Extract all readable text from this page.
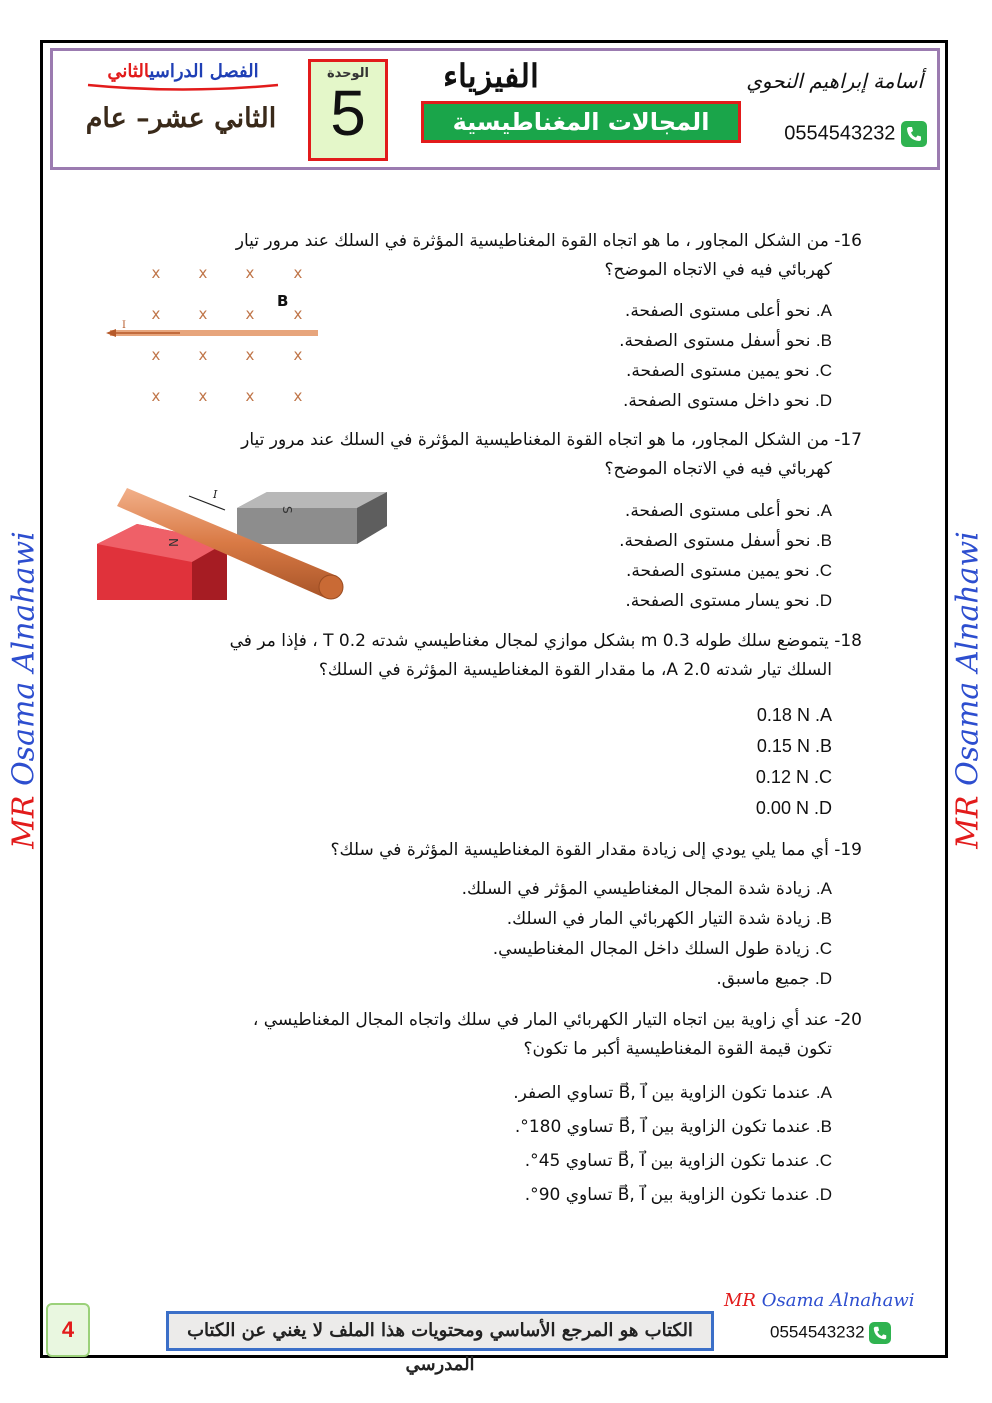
أسامة إبراهيم النحوي
0554543232
الفيزياء
المجالات المغناطيسية
الوحدة
5
الفصل الدراسيالثاني
الثاني عشر– عام
MR Osama Alnahawi
MR Osama Alnahawi
16- من الشكل المجاور ، ما هو اتجاه القوة المغناطيسية المؤثرة في السلك عند مرور تيار
كهربائي فيه في الاتجاه الموضح؟
A. نحو أعلى مستوى الصفحة.
B. نحو أسفل مستوى الصفحة.
C. نحو يمين مستوى الصفحة.
D. نحو داخل مستوى الصفحة.
x	x	x	x
x	x	x	x
x	x	x	x
x	x	x	x
I
B
17- من الشكل المجاور، ما هو اتجاه القوة المغناطيسية المؤثرة في السلك عند مرور تيار
كهربائي فيه في الاتجاه الموضح؟
A. نحو أعلى مستوى الصفحة.
B. نحو أسفل مستوى الصفحة.
C. نحو يمين مستوى الصفحة.
D. نحو يسار مستوى الصفحة.
S
N
I
18- يتموضع سلك طوله 0.3 m بشكل موازي لمجال مغناطيسي شدته 0.2 T ، فإذا مر في
السلك تيار شدته 2.0 A، ما مقدار القوة المغناطيسية المؤثرة في السلك؟
A. 0.18 N
B. 0.15 N
C. 0.12 N
D. 0.00 N
19- أي مما يلي يودي إلى زيادة مقدار القوة المغناطيسية المؤثرة في سلك؟
A. زيادة شدة المجال المغناطيسي المؤثر في السلك.
B. زيادة شدة التيار الكهربائي المار في السلك.
C. زيادة طول السلك داخل المجال المغناطيسي.
D. جميع ماسبق.
20- عند أي زاوية بين اتجاه التيار الكهربائي المار في سلك واتجاه المجال المغناطيسي ،
تكون قيمة القوة المغناطيسية أكبر ما تكون؟
A. عندما تكون الزاوية بين B⃗, I⃗ تساوي الصفر.
B. عندما تكون الزاوية بين B⃗, I⃗ تساوي 180°.
C. عندما تكون الزاوية بين B⃗, I⃗ تساوي 45°.
D. عندما تكون الزاوية بين B⃗, I⃗ تساوي 90°.
4	الكتاب هو المرجع الأساسي ومحتويات هذا الملف لا يغني عن الكتاب المدرسي
MR Osama Alnahawi
0554543232
